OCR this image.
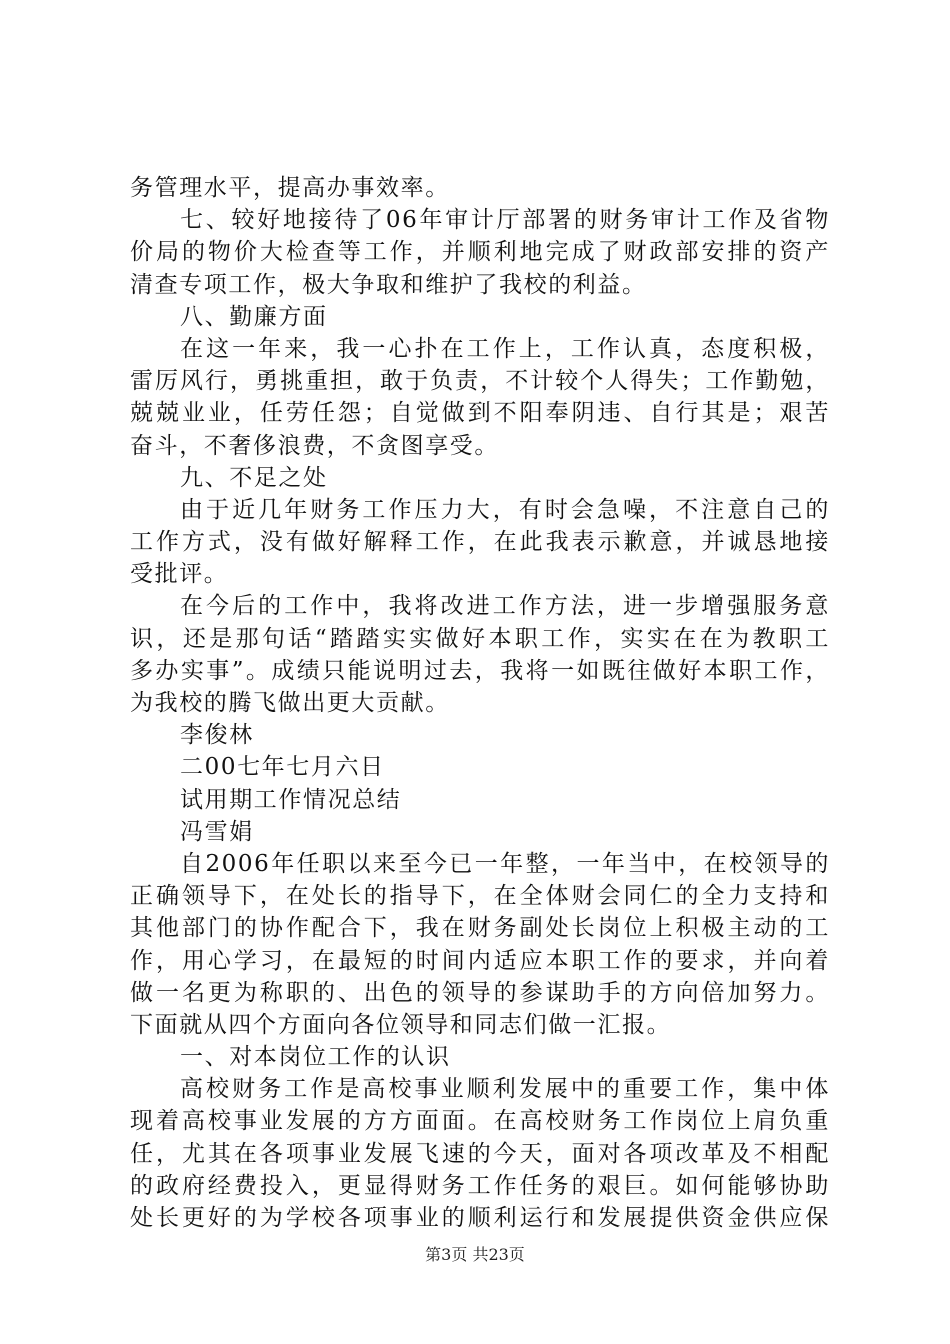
务管理水平，提高办事效率。
七、较好地接待了06年审计厅部署的财务审计工作及省物
价局的物价大检查等工作，并顺利地完成了财政部安排的资产
清查专项工作，极大争取和维护了我校的利益。
八、勤廉方面
在这一年来，我一心扑在工作上，工作认真，态度积极，
雷厉风行，勇挑重担，敢于负责，不计较个人得失；工作勤勉，
兢兢业业，任劳任怨；自觉做到不阳奉阴违、自行其是；艰苦
奋斗，不奢侈浪费，不贪图享受。
九、不足之处
由于近几年财务工作压力大，有时会急噪，不注意自己的
工作方式，没有做好解释工作，在此我表示歉意，并诚恳地接
受批评。
在今后的工作中，我将改进工作方法，进一步增强服务意
识，还是那句话“踏踏实实做好本职工作，实实在在为教职工
多办实事”。成绩只能说明过去，我将一如既往做好本职工作，
为我校的腾飞做出更大贡献。
李俊林
二00七年七月六日
试用期工作情况总结
冯雪娟
自2006年任职以来至今已一年整，一年当中，在校领导的
正确领导下，在处长的指导下，在全体财会同仁的全力支持和
其他部门的协作配合下，我在财务副处长岗位上积极主动的工
作，用心学习，在最短的时间内适应本职工作的要求，并向着
做一名更为称职的、出色的领导的参谋助手的方向倍加努力。
下面就从四个方面向各位领导和同志们做一汇报。
一、对本岗位工作的认识
高校财务工作是高校事业顺利发展中的重要工作，集中体
现着高校事业发展的方方面面。在高校财务工作岗位上肩负重
任，尤其在各项事业发展飞速的今天，面对各项改革及不相配
的政府经费投入，更显得财务工作任务的艰巨。如何能够协助
处长更好的为学校各项事业的顺利运行和发展提供资金供应保
第3页 共23页
